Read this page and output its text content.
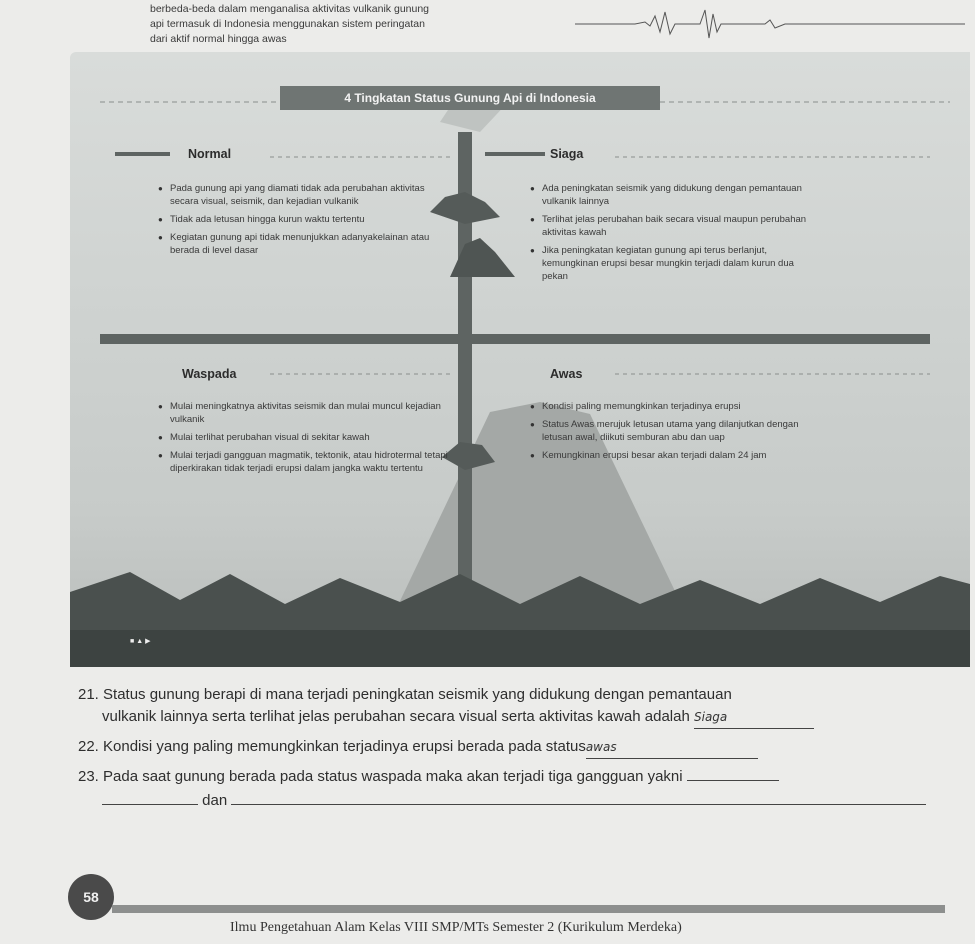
berbeda-beda dalam menganalisa aktivitas vulkanik gunung
api termasuk di Indonesia menggunakan sistem peringatan
dari aktif normal hingga awas
4 Tingkatan Status Gunung Api di Indonesia
Normal
● Pada gunung api yang diamati tidak ada perubahan aktivitas secara visual, seismik, dan kejadian vulkanik
● Tidak ada letusan hingga kurun waktu tertentu
● Kegiatan gunung api tidak menunjukkan adanyakelainan atau berada di level dasar
Siaga
● Ada peningkatan seismik yang didukung dengan pemantauan vulkanik lainnya
● Terlihat jelas perubahan baik secara visual maupun perubahan aktivitas kawah
● Jika peningkatan kegiatan gunung api terus berlanjut, kemungkinan erupsi besar mungkin terjadi dalam kurun dua pekan
Waspada
● Mulai meningkatnya aktivitas seismik dan mulai muncul kejadian vulkanik
● Mulai terlihat perubahan visual di sekitar kawah
● Mulai terjadi gangguan magmatik, tektonik, atau hidrotermal tetapi diperkirakan tidak terjadi erupsi dalam jangka waktu tertentu
Awas
● Kondisi paling memungkinkan terjadinya erupsi
● Status Awas merujuk letusan utama yang dilanjutkan dengan letusan awal, diikuti semburan abu dan uap
● Kemungkinan erupsi besar akan terjadi dalam 24 jam
■ ▲ ▶
21. Status gunung berapi di mana terjadi peningkatan seismik yang didukung dengan pemantauan
vulkanik lainnya serta terlihat jelas perubahan secara visual serta aktivitas kawah adalah Siaga
22. Kondisi yang paling memungkinkan terjadinya erupsi berada pada statusawas
23. Pada saat gunung berada pada status waspada maka akan terjadi tiga gangguan yakni
dan
58
Ilmu Pengetahuan Alam Kelas VIII SMP/MTs Semester 2 (Kurikulum Merdeka)
